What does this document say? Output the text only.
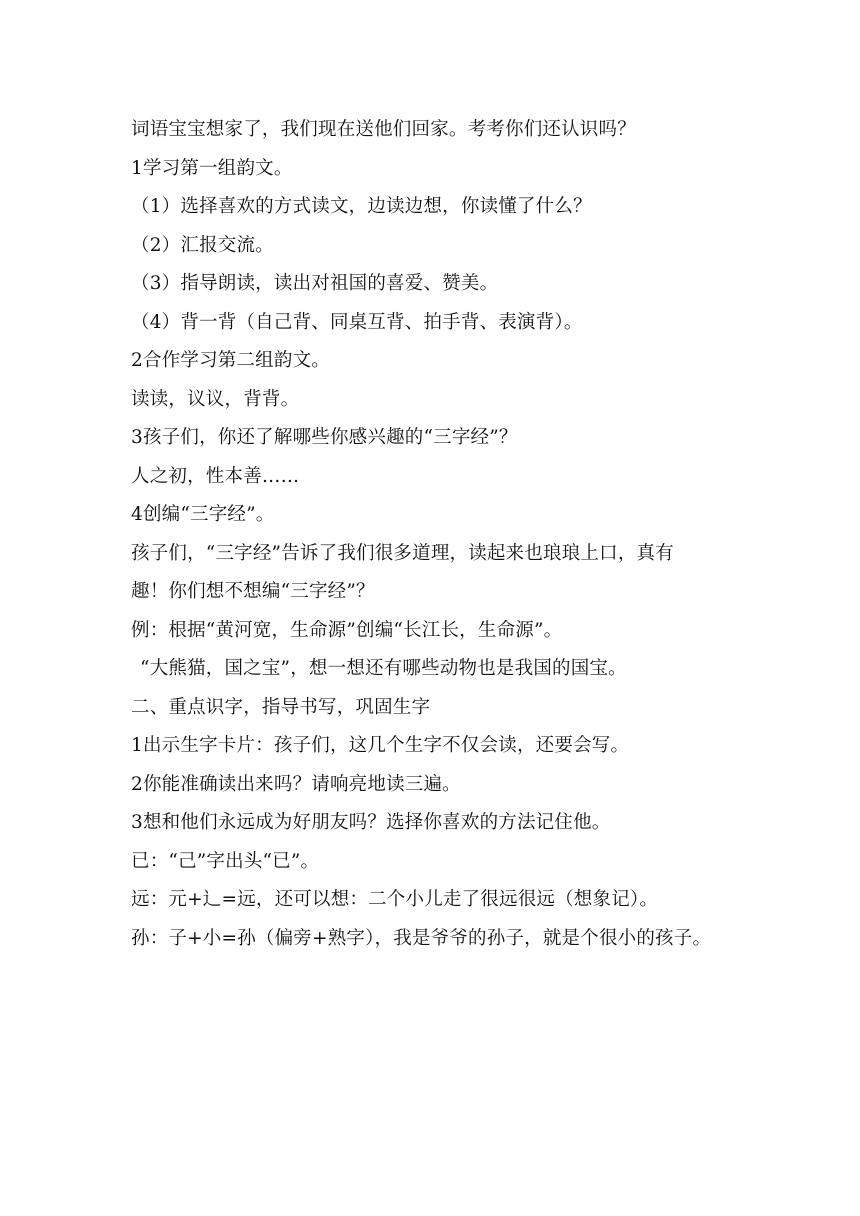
词语宝宝想家了，我们现在送他们回家。考考你们还认识吗？
1学习第一组韵文。
（1）选择喜欢的方式读文，边读边想，你读懂了什么？
（2）汇报交流。
（3）指导朗读，读出对祖国的喜爱、赞美。
（4）背一背（自己背、同桌互背、拍手背、表演背）。
2合作学习第二组韵文。
读读，议议，背背。
3孩子们，你还了解哪些你感兴趣的“三字经”？
人之初，性本善……
4创编“三字经”。
孩子们，“三字经”告诉了我们很多道理，读起来也琅琅上口，真有
趣！你们想不想编“三字经”？
例：根据“黄河宽，生命源”创编“长江长，生命源”。
“大熊猫，国之宝”，想一想还有哪些动物也是我国的国宝。
二、重点识字，指导书写，巩固生字
1出示生字卡片：孩子们，这几个生字不仅会读，还要会写。
2你能准确读出来吗？请响亮地读三遍。
3想和他们永远成为好朋友吗？选择你喜欢的方法记住他。
已：“己”字出头“已”。
远：元+辶=远，还可以想：二个小儿走了很远很远（想象记）。
孙：子+小=孙（偏旁+熟字），我是爷爷的孙子，就是个很小的孩子。
